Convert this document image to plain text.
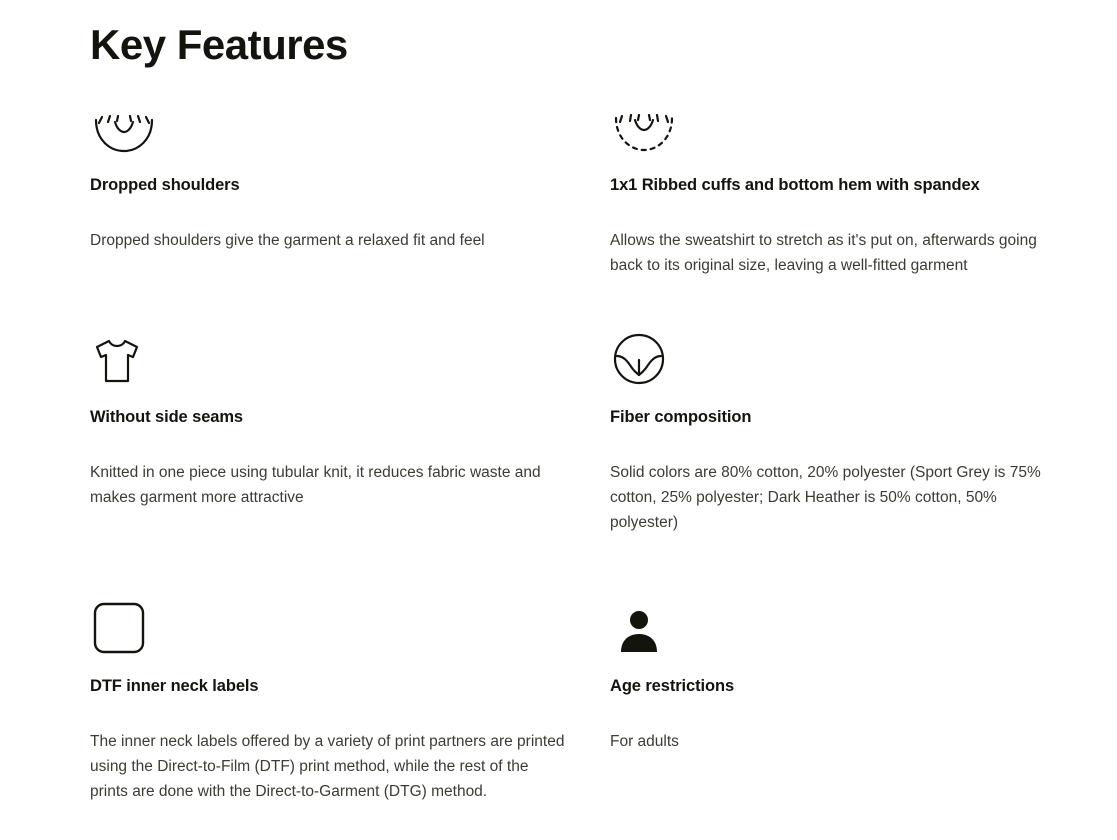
Key Features
Dropped shoulders

Dropped shoulders give the garment a relaxed fit and feel

Without side seams

Knitted in one piece using tubular knit, it reduces fabric waste and makes garment more attractive

DTF inner neck labels

The inner neck labels offered by a variety of print partners are printed using the Direct-to-Film (DTF) print method, while the rest of the prints are done with the Direct-to-Garment (DTG) method.

1x1 Ribbed cuffs and bottom hem with spandex

Allows the sweatshirt to stretch as it's put on, afterwards going back to its original size, leaving a well-fitted garment

Fiber composition

Solid colors are 80% cotton, 20% polyester (Sport Grey is 75% cotton, 25% polyester; Dark Heather is 50% cotton, 50% polyester)

Age restrictions

For adults
